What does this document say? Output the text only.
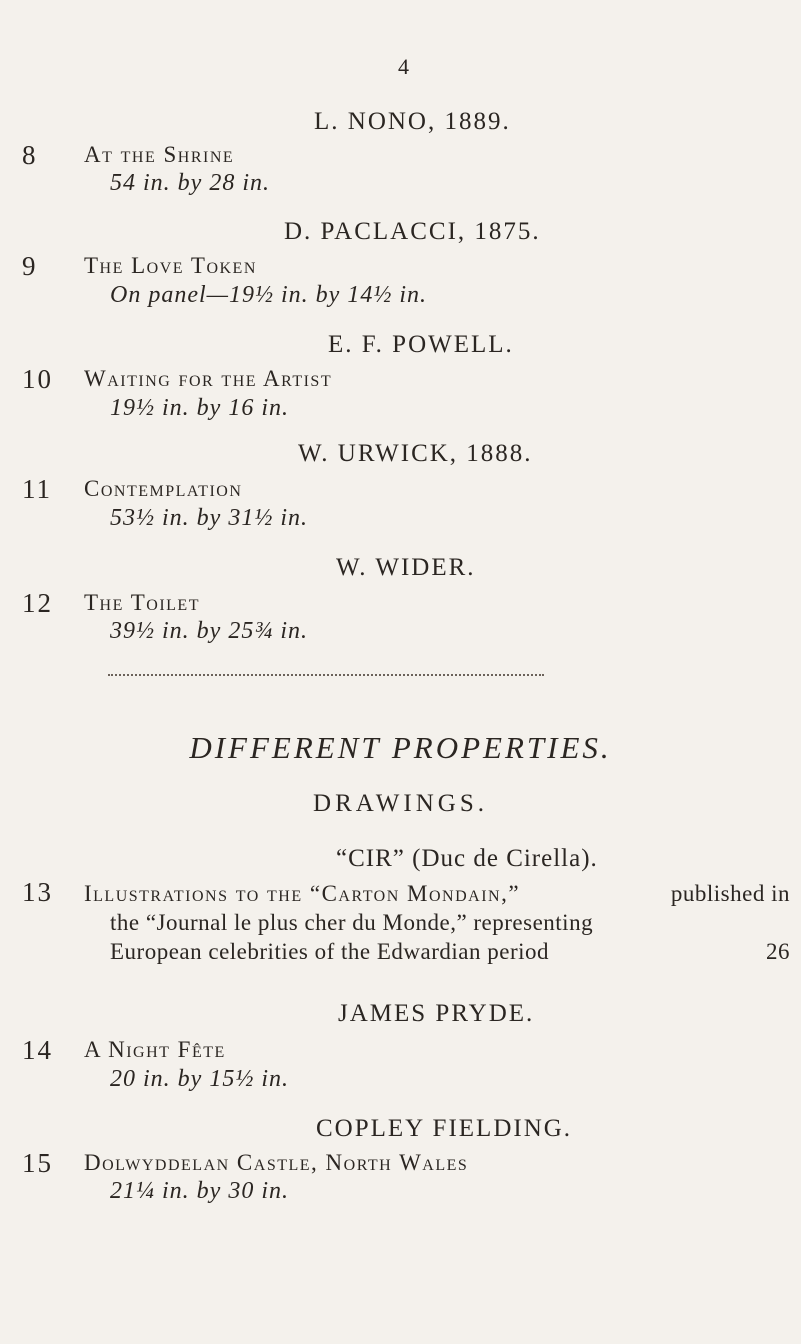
4
L. NONO, 1889.
8 At the Shrine
54 in. by 28 in.
D. PACLACCI, 1875.
9 The Love Token
On panel—19½ in. by 14½ in.
E. F. POWELL.
10 Waiting for the Artist
19½ in. by 16 in.
W. URWICK, 1888.
11 Contemplation
53½ in. by 31½ in.
W. WIDER.
12 The Toilet
39½ in. by 25¾ in.
DIFFERENT PROPERTIES.
DRAWINGS.
“CIR” (Duc de Cirella).
13 Illustrations to the “Carton Mondain,”	published in
the “Journal le plus cher du Monde,” representing
European celebrities of the Edwardian period	26
JAMES PRYDE.
14 A Night Fête
20 in. by 15½ in.
COPLEY FIELDING.
15 Dolwyddelan Castle, North Wales
21¼ in. by 30 in.
